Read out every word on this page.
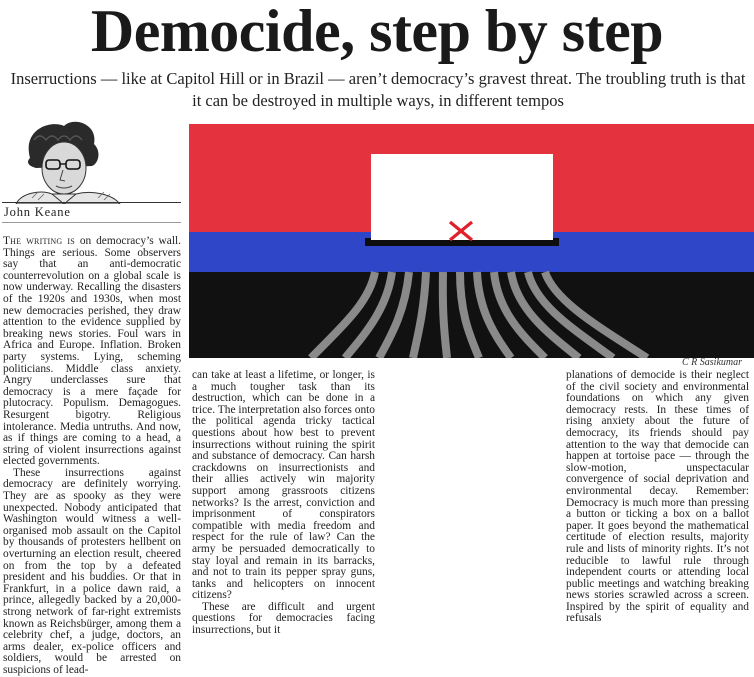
Democide, step by step
Inserructions — like at Capitol Hill or in Brazil — aren’t democracy’s gravest threat. The troubling truth is that it can be destroyed in multiple ways, in different tempos
John Keane

The writing is on democracy’s wall. Things are serious. Some observers say that an anti-democratic counterrevolution on a global scale is now underway. Recalling the disasters of the 1920s and 1930s, when most new democracies perished, they draw attention to the evidence supplied by breaking news stories. Foul wars in Africa and Europe. Inflation. Broken party systems. Lying, scheming politicians. Middle class anxiety. Angry underclasses sure that democracy is a mere façade for plutocracy. Populism. Demagogues. Resurgent bigotry. Religious intolerance. Media untruths. And now, as if things are coming to a head, a string of violent insurrections against elected governments.

These insurrections against democracy are definitely worrying. They are as spooky as they were unexpected. Nobody anticipated that Washington would witness a well-organised mob assault on the Capitol by thousands of protesters hellbent on overturning an election result, cheered on from the top by a defeated president and his buddies. Or that in Frankfurt, in a police dawn raid, a prince, allegedly backed by a 20,000-strong network of far-right extremists known as Reichsbürger, among them a celebrity chef, a judge, doctors, an arms dealer, ex-police officers and soldiers, would be arrested on suspicions of lead-

C R Sasikumar

can take at least a lifetime, or longer, is a much tougher task than its destruction, which can be done in a trice. The interpretation also forces onto the political agenda tricky tactical questions about how best to prevent insurrections without ruining the spirit and substance of democracy. Can harsh crackdowns on insurrectionists and their allies actively win majority support among grassroots citizens networks? Is the arrest, conviction and imprisonment of conspirators compatible with media freedom and respect for the rule of law? Can the army be persuaded democratically to stay loyal and remain in its barracks, and not to train its pepper spray guns, tanks and helicopters on innocent citizens?

These are difficult and urgent questions for democracies facing insurrections, but it

planations of democide is their neglect of the civil society and environmental foundations on which any given democracy rests. In these times of rising anxiety about the future of democracy, its friends should pay attention to the way that democide can happen at tortoise pace — through the slow-motion, unspectacular convergence of social deprivation and environmental decay. Remember: Democracy is much more than pressing a button or ticking a box on a ballot paper. It goes beyond the mathematical certitude of election results, majority rule and lists of minority rights. It’s not reducible to lawful rule through independent courts or attending local public meetings and watching breaking news stories scrawled across a screen. Inspired by the spirit of equality and refusals
